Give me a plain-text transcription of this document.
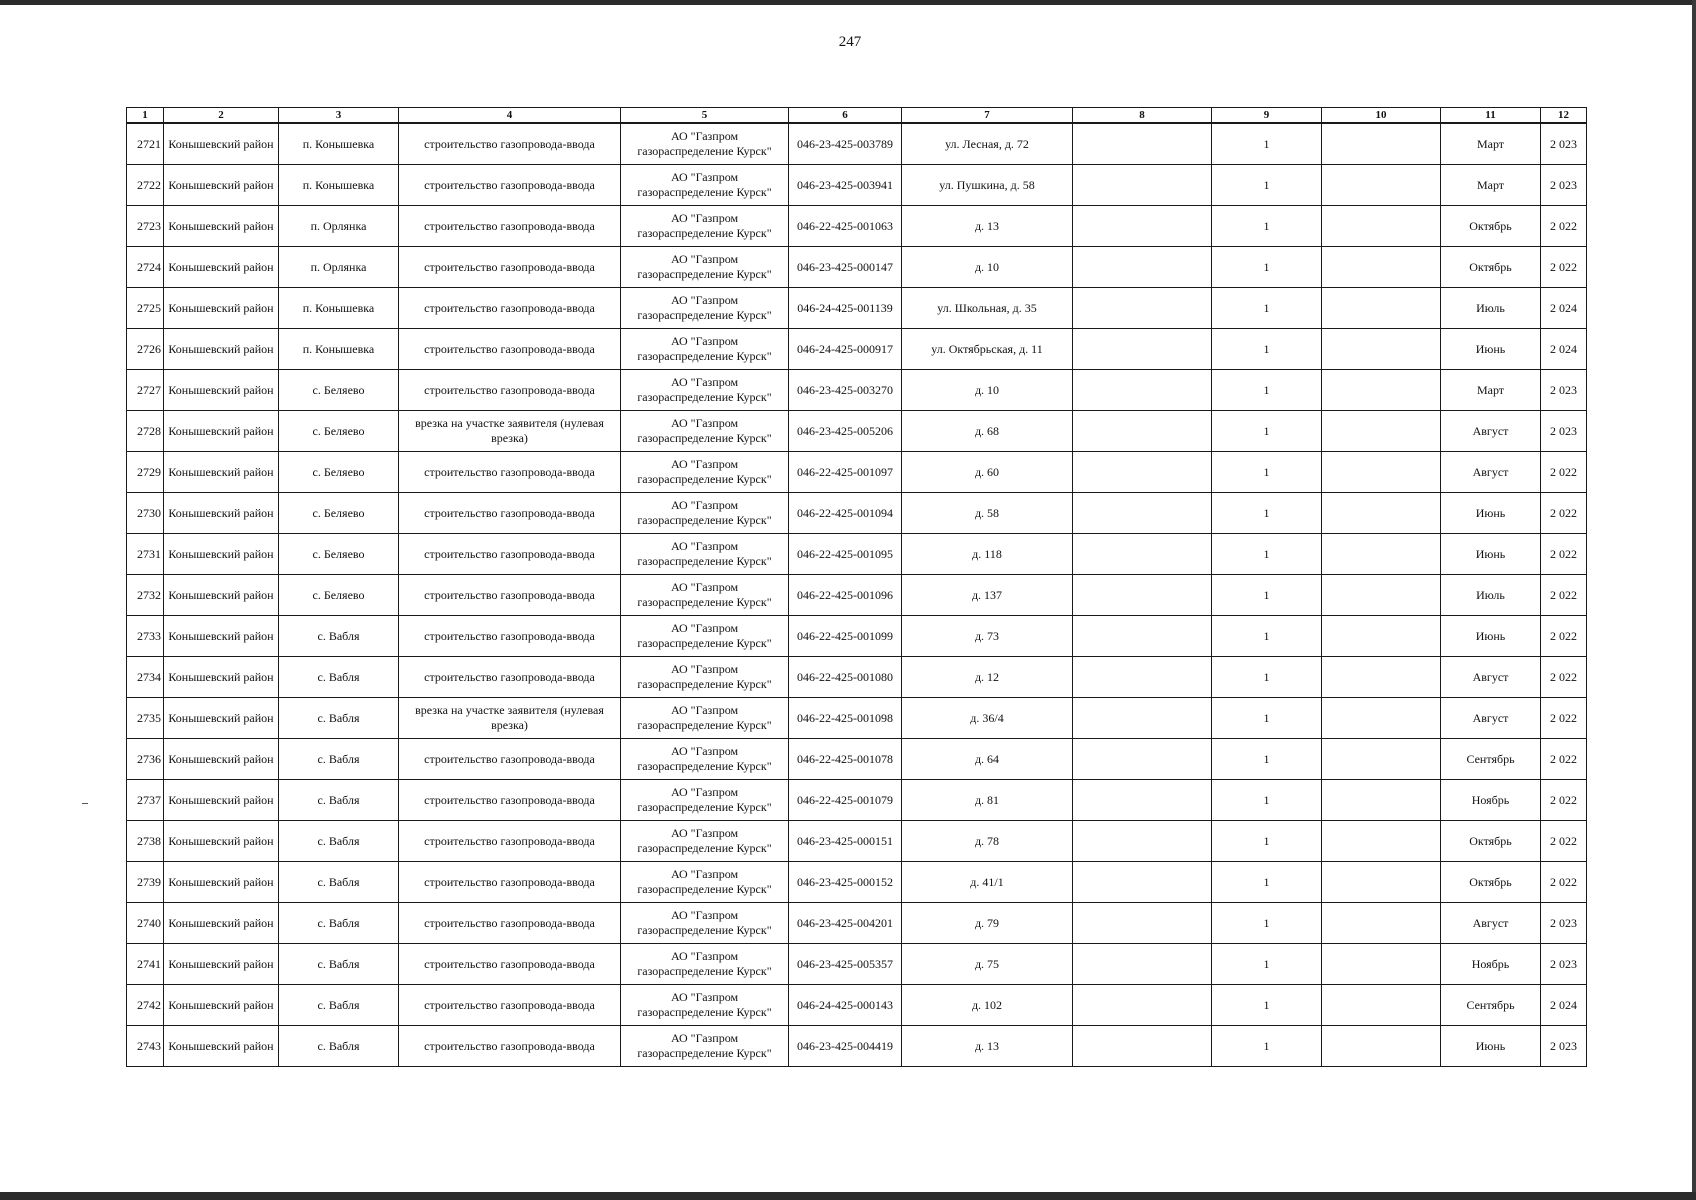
247
1	2	3	4	5	6	7	8	9	10	11	12
2721	Конышевский район	п. Конышевка	строительство газопровода-ввода	АО "Газпром газораспределение Курск"	046-23-425-003789	ул. Лесная, д. 72		1		Март	2 023
2722	Конышевский район	п. Конышевка	строительство газопровода-ввода	АО "Газпром газораспределение Курск"	046-23-425-003941	ул. Пушкина, д. 58		1		Март	2 023
2723	Конышевский район	п. Орлянка	строительство газопровода-ввода	АО "Газпром газораспределение Курск"	046-22-425-001063	д. 13		1		Октябрь	2 022
2724	Конышевский район	п. Орлянка	строительство газопровода-ввода	АО "Газпром газораспределение Курск"	046-23-425-000147	д. 10		1		Октябрь	2 022
2725	Конышевский район	п. Конышевка	строительство газопровода-ввода	АО "Газпром газораспределение Курск"	046-24-425-001139	ул. Школьная, д. 35		1		Июль	2 024
2726	Конышевский район	п. Конышевка	строительство газопровода-ввода	АО "Газпром газораспределение Курск"	046-24-425-000917	ул. Октябрьская, д. 11		1		Июнь	2 024
2727	Конышевский район	с. Беляево	строительство газопровода-ввода	АО "Газпром газораспределение Курск"	046-23-425-003270	д. 10		1		Март	2 023
2728	Конышевский район	с. Беляево	врезка на участке заявителя (нулевая врезка)	АО "Газпром газораспределение Курск"	046-23-425-005206	д. 68		1		Август	2 023
2729	Конышевский район	с. Беляево	строительство газопровода-ввода	АО "Газпром газораспределение Курск"	046-22-425-001097	д. 60		1		Август	2 022
2730	Конышевский район	с. Беляево	строительство газопровода-ввода	АО "Газпром газораспределение Курск"	046-22-425-001094	д. 58		1		Июнь	2 022
2731	Конышевский район	с. Беляево	строительство газопровода-ввода	АО "Газпром газораспределение Курск"	046-22-425-001095	д. 118		1		Июнь	2 022
2732	Конышевский район	с. Беляево	строительство газопровода-ввода	АО "Газпром газораспределение Курск"	046-22-425-001096	д. 137		1		Июль	2 022
2733	Конышевский район	с. Вабля	строительство газопровода-ввода	АО "Газпром газораспределение Курск"	046-22-425-001099	д. 73		1		Июнь	2 022
2734	Конышевский район	с. Вабля	строительство газопровода-ввода	АО "Газпром газораспределение Курск"	046-22-425-001080	д. 12		1		Август	2 022
2735	Конышевский район	с. Вабля	врезка на участке заявителя (нулевая врезка)	АО "Газпром газораспределение Курск"	046-22-425-001098	д. 36/4		1		Август	2 022
2736	Конышевский район	с. Вабля	строительство газопровода-ввода	АО "Газпром газораспределение Курск"	046-22-425-001078	д. 64		1		Сентябрь	2 022
2737	Конышевский район	с. Вабля	строительство газопровода-ввода	АО "Газпром газораспределение Курск"	046-22-425-001079	д. 81		1		Ноябрь	2 022
2738	Конышевский район	с. Вабля	строительство газопровода-ввода	АО "Газпром газораспределение Курск"	046-23-425-000151	д. 78		1		Октябрь	2 022
2739	Конышевский район	с. Вабля	строительство газопровода-ввода	АО "Газпром газораспределение Курск"	046-23-425-000152	д. 41/1		1		Октябрь	2 022
2740	Конышевский район	с. Вабля	строительство газопровода-ввода	АО "Газпром газораспределение Курск"	046-23-425-004201	д. 79		1		Август	2 023
2741	Конышевский район	с. Вабля	строительство газопровода-ввода	АО "Газпром газораспределение Курск"	046-23-425-005357	д. 75		1		Ноябрь	2 023
2742	Конышевский район	с. Вабля	строительство газопровода-ввода	АО "Газпром газораспределение Курск"	046-24-425-000143	д. 102		1		Сентябрь	2 024
2743	Конышевский район	с. Вабля	строительство газопровода-ввода	АО "Газпром газораспределение Курск"	046-23-425-004419	д. 13		1		Июнь	2 023
